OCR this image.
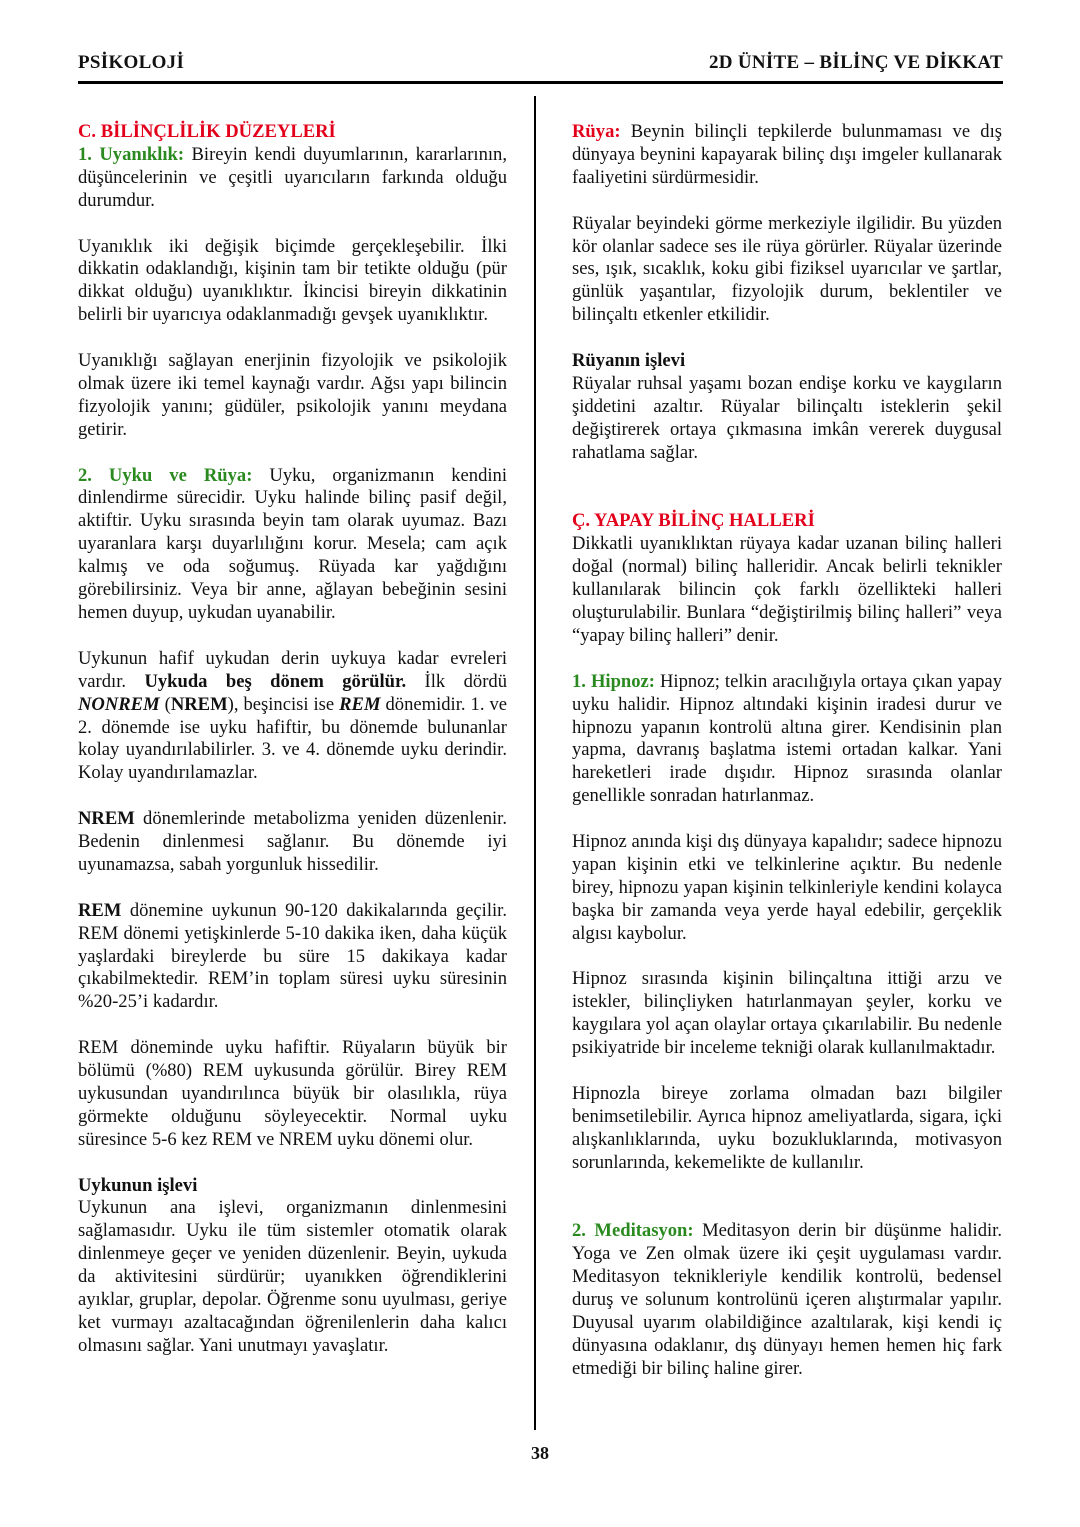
PSİKOLOJİ	2D ÜNİTE – BİLİNÇ VE DİKKAT

C. BİLİNÇLİLİK DÜZEYLERİ

1. Uyanıklık: Bireyin kendi duyumlarının, kararlarının, düşüncelerinin ve çeşitli uyarıcıların farkında olduğu durumdur.

Uyanıklık iki değişik biçimde gerçekleşebilir. İlki dikkatin odaklandığı, kişinin tam bir tetikte olduğu (pür dikkat olduğu) uyanıklıktır. İkincisi bireyin dikkatinin belirli bir uyarıcıya odaklanmadığı gevşek uyanıklıktır.

Uyanıklığı sağlayan enerjinin fizyolojik ve psikolojik olmak üzere iki temel kaynağı vardır. Ağsı yapı bilincin fizyolojik yanını; güdüler, psikolojik yanını meydana getirir.

2. Uyku ve Rüya: Uyku, organizmanın kendini dinlendirme sürecidir. Uyku halinde bilinç pasif değil, aktiftir. Uyku sırasında beyin tam olarak uyumaz. Bazı uyaranlara karşı duyarlılığını korur. Mesela; cam açık kalmış ve oda soğumuş. Rüyada kar yağdığını görebilirsiniz. Veya bir anne, ağlayan bebeğinin sesini hemen duyup, uykudan uyanabilir.

Uykunun hafif uykudan derin uykuya kadar evreleri vardır. Uykuda beş dönem görülür. İlk dördü NONREM (NREM), beşincisi ise REM dönemidir. 1. ve 2. dönemde ise uyku hafiftir, bu dönemde bulunanlar kolay uyandırılabilirler. 3. ve 4. dönemde uyku derindir. Kolay uyandırılamazlar.

NREM dönemlerinde metabolizma yeniden düzenlenir. Bedenin dinlenmesi sağlanır. Bu dönemde iyi uyunamazsa, sabah yorgunluk hissedilir.

REM dönemine uykunun 90-120 dakikalarında geçilir. REM dönemi yetişkinlerde 5-10 dakika iken, daha küçük yaşlardaki bireylerde bu süre 15 dakikaya kadar çıkabilmektedir. REM’in toplam süresi uyku süresinin %20-25’i kadardır.

REM döneminde uyku hafiftir. Rüyaların büyük bir bölümü (%80) REM uykusunda görülür. Birey REM uykusundan uyandırılınca büyük bir olasılıkla, rüya görmekte olduğunu söyleyecektir. Normal uyku süresince 5-6 kez REM ve NREM uyku dönemi olur.

Uykunun işlevi

Uykunun ana işlevi, organizmanın dinlenmesini sağlamasıdır. Uyku ile tüm sistemler otomatik olarak dinlenmeye geçer ve yeniden düzenlenir. Beyin, uykuda da aktivitesini sürdürür; uyanıkken öğrendiklerini ayıklar, gruplar, depolar. Öğrenme sonu uyulması, geriye ket vurmayı azaltacağından öğrenilenlerin daha kalıcı olmasını sağlar. Yani unutmayı yavaşlatır.

Rüya: Beynin bilinçli tepkilerde bulunmaması ve dış dünyaya beynini kapayarak bilinç dışı imgeler kullanarak faaliyetini sürdürmesidir.

Rüyalar beyindeki görme merkeziyle ilgilidir. Bu yüzden kör olanlar sadece ses ile rüya görürler. Rüyalar üzerinde ses, ışık, sıcaklık, koku gibi fiziksel uyarıcılar ve şartlar, günlük yaşantılar, fizyolojik durum, beklentiler ve bilinçaltı etkenler etkilidir.

Rüyanın işlevi

Rüyalar ruhsal yaşamı bozan endişe korku ve kaygıların şiddetini azaltır. Rüyalar bilinçaltı isteklerin şekil değiştirerek ortaya çıkmasına imkân vererek duygusal rahatlama sağlar.

Ç. YAPAY BİLİNÇ HALLERİ

Dikkatli uyanıklıktan rüyaya kadar uzanan bilinç halleri doğal (normal) bilinç halleridir. Ancak belirli teknikler kullanılarak bilincin çok farklı özellikteki halleri oluşturulabilir. Bunlara “değiştirilmiş bilinç halleri” veya “yapay bilinç halleri” denir.

1. Hipnoz: Hipnoz; telkin aracılığıyla ortaya çıkan yapay uyku halidir. Hipnoz altındaki kişinin iradesi durur ve hipnozu yapanın kontrolü altına girer. Kendisinin plan yapma, davranış başlatma istemi ortadan kalkar. Yani hareketleri irade dışıdır. Hipnoz sırasında olanlar genellikle sonradan hatırlanmaz.

Hipnoz anında kişi dış dünyaya kapalıdır; sadece hipnozu yapan kişinin etki ve telkinlerine açıktır. Bu nedenle birey, hipnozu yapan kişinin telkinleriyle kendini kolayca başka bir zamanda veya yerde hayal edebilir, gerçeklik algısı kaybolur.

Hipnoz sırasında kişinin bilinçaltına ittiği arzu ve istekler, bilinçliyken hatırlanmayan şeyler, korku ve kaygılara yol açan olaylar ortaya çıkarılabilir. Bu nedenle psikiyatride bir inceleme tekniği olarak kullanılmaktadır.

Hipnozla bireye zorlama olmadan bazı bilgiler benimsetilebilir. Ayrıca hipnoz ameliyatlarda, sigara, içki alışkanlıklarında, uyku bozukluklarında, motivasyon sorunlarında, kekemelikte de kullanılır.

2. Meditasyon: Meditasyon derin bir düşünme halidir. Yoga ve Zen olmak üzere iki çeşit uygulaması vardır. Meditasyon teknikleriyle kendilik kontrolü, bedensel duruş ve solunum kontrolünü içeren alıştırmalar yapılır. Duyusal uyarım olabildiğince azaltılarak, kişi kendi iç dünyasına odaklanır, dış dünyayı hemen hemen hiç fark etmediği bir bilinç haline girer.

38
